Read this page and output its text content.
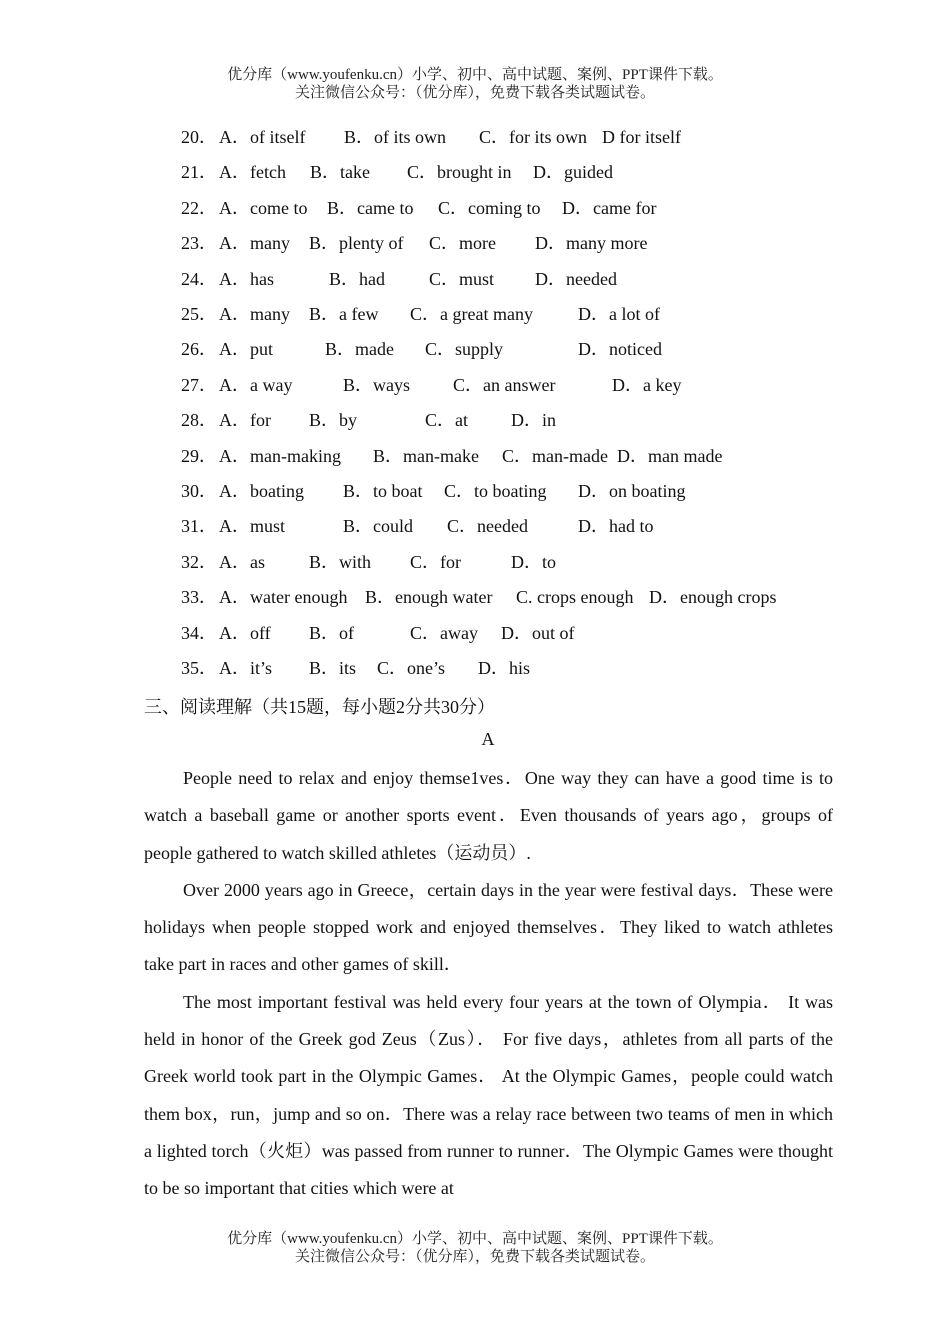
优分库（www.youfenku.cn）小学、初中、高中试题、案例、PPT课件下载。
关注微信公众号：（优分库），免费下载各类试题试卷。
20． A．of itself B．of its own C．for its own D for itself
21． A．fetch B．take C．brought in D．guided
22． A．come to B．came to C．coming to D．came for
23． A．many B．plenty of C．more D．many more
24． A．has	B．had C．must D．needed
25． A．many B．a few C．a great many	D．a lot of
26． A．put	B．made C．supply	D．noticed
27． A．a way	B．ways C．an answer	D．a key
28． A．for B．by	C．at D．in
29． A．man-making B．man-make C．man-made D．man made
30． A．boating B．to boat C．to boating D．on boating
31． A．must	B．could C．needed	D．had to
32． A．as B．with C．for	D．to
33． A．water enough B．enough water C. crops enough D．enough crops
34． A．off B．of	C．away D．out of
35． A．it’s B．its C．one’s D．his
三、阅读理解（共15题，每小题2分共30分）
A

People need to relax and enjoy themse1ves．One way they can have a good time is to watch a baseball game or another sports event．Even thousands of years ago，groups of people gathered to watch skilled athletes（运动员）.

Over 2000 years ago in Greece，certain days in the year were festival days．These were holidays when people stopped work and enjoyed themselves．They liked to watch athletes take part in races and other games of skill．

The most important festival was held every four years at the town of Olympia． It was held in honor of the Greek god Zeus（Zus）． For five days，athletes from all parts of the Greek world took part in the Olympic Games． At the Olympic Games，people could watch them box，run，jump and so on．There was a relay race between two teams of men in which a lighted torch（火炬）was passed from runner to runner．The Olympic Games were thought to be so important that cities which were at

优分库（www.youfenku.cn）小学、初中、高中试题、案例、PPT课件下载。
关注微信公众号：（优分库），免费下载各类试题试卷。
